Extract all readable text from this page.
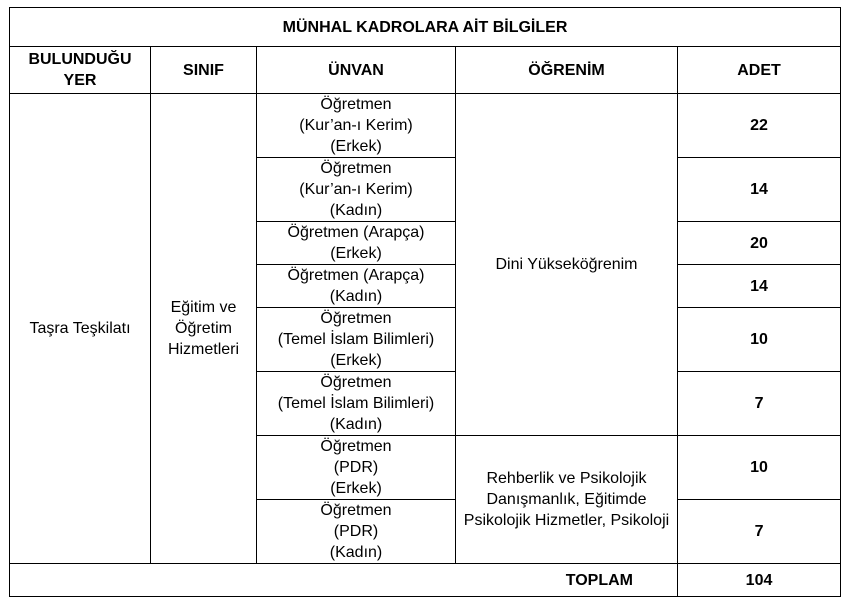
MÜNHAL KADROLARA AİT BİLGİLER				
BULUNDUĞU YER	SINIF	ÜNVAN	ÖĞRENİM	ADET
Taşra Teşkilatı	Eğitim ve Öğretim Hizmetleri	Öğretmen
(Kur’an-ı Kerim)
(Erkek)	Dini Yükseköğrenim	22
		Öğretmen
(Kur’an-ı Kerim)
(Kadın)		14
		Öğretmen (Arapça)
(Erkek)		20
		Öğretmen (Arapça)
(Kadın)		14
		Öğretmen
(Temel İslam Bilimleri)
(Erkek)		10
		Öğretmen
(Temel İslam Bilimleri)
(Kadın)		7
		Öğretmen
(PDR)
(Erkek)	Rehberlik ve Psikolojik Danışmanlık, Eğitimde Psikolojik Hizmetler, Psikoloji	10
		Öğretmen
(PDR)
(Kadın)		7
TOPLAM				104
